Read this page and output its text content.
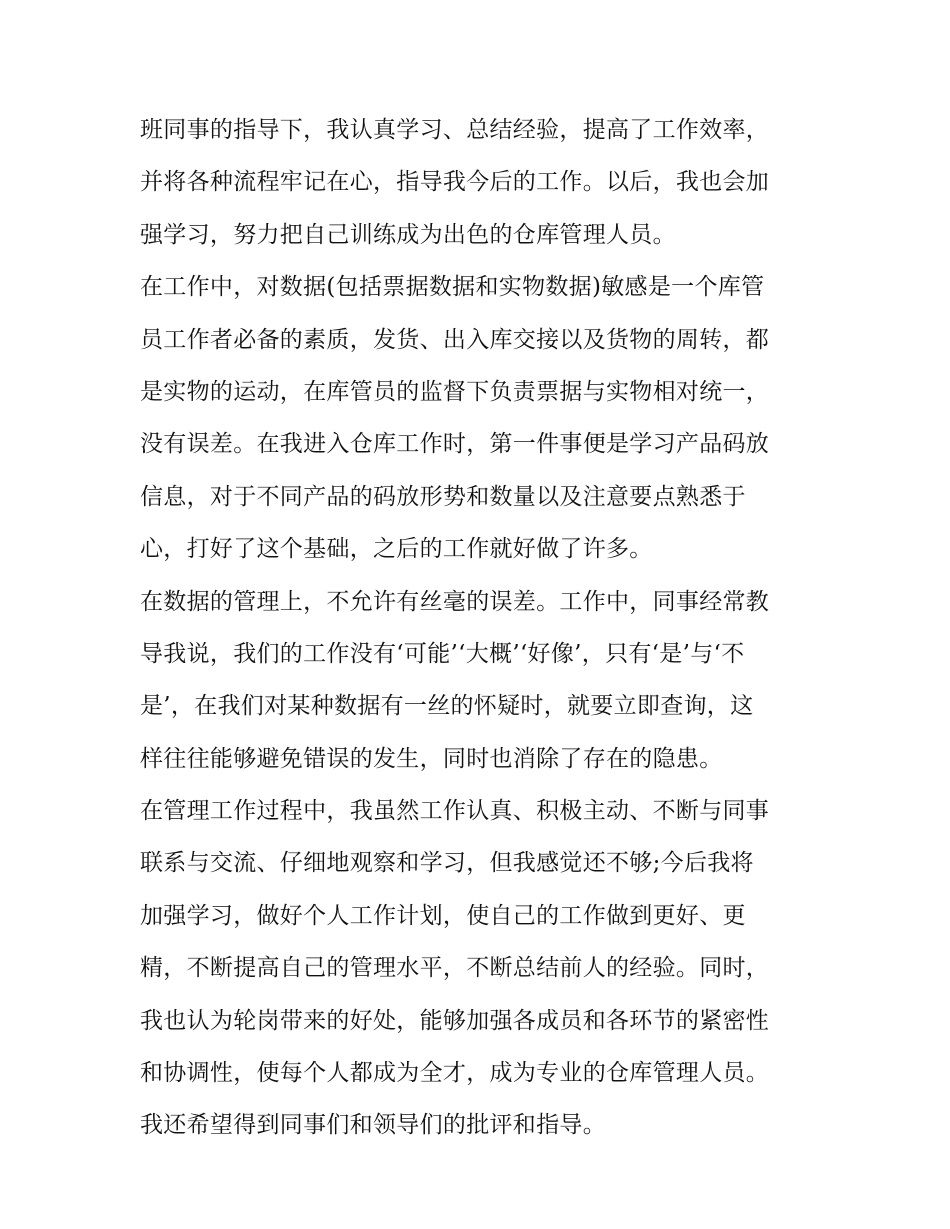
班同事的指导下，我认真学习、总结经验，提高了工作效率，
并将各种流程牢记在心，指导我今后的工作。以后，我也会加
强学习，努力把自己训练成为出色的仓库管理人员。
在工作中，对数据(包括票据数据和实物数据)敏感是一个库管
员工作者必备的素质，发货、出入库交接以及货物的周转，都
是实物的运动，在库管员的监督下负责票据与实物相对统一，
没有误差。在我进入仓库工作时，第一件事便是学习产品码放
信息，对于不同产品的码放形势和数量以及注意要点熟悉于
心，打好了这个基础，之后的工作就好做了许多。
在数据的管理上，不允许有丝毫的误差。工作中，同事经常教
导我说，我们的工作没有‘可能’‘大概’‘好像’，只有‘是’与‘不
是’，在我们对某种数据有一丝的怀疑时，就要立即查询，这
样往往能够避免错误的发生，同时也消除了存在的隐患。
在管理工作过程中，我虽然工作认真、积极主动、不断与同事
联系与交流、仔细地观察和学习，但我感觉还不够;今后我将
加强学习，做好个人工作计划，使自己的工作做到更好、更
精，不断提高自己的管理水平，不断总结前人的经验。同时，
我也认为轮岗带来的好处，能够加强各成员和各环节的紧密性
和协调性，使每个人都成为全才，成为专业的仓库管理人员。
我还希望得到同事们和领导们的批评和指导。
